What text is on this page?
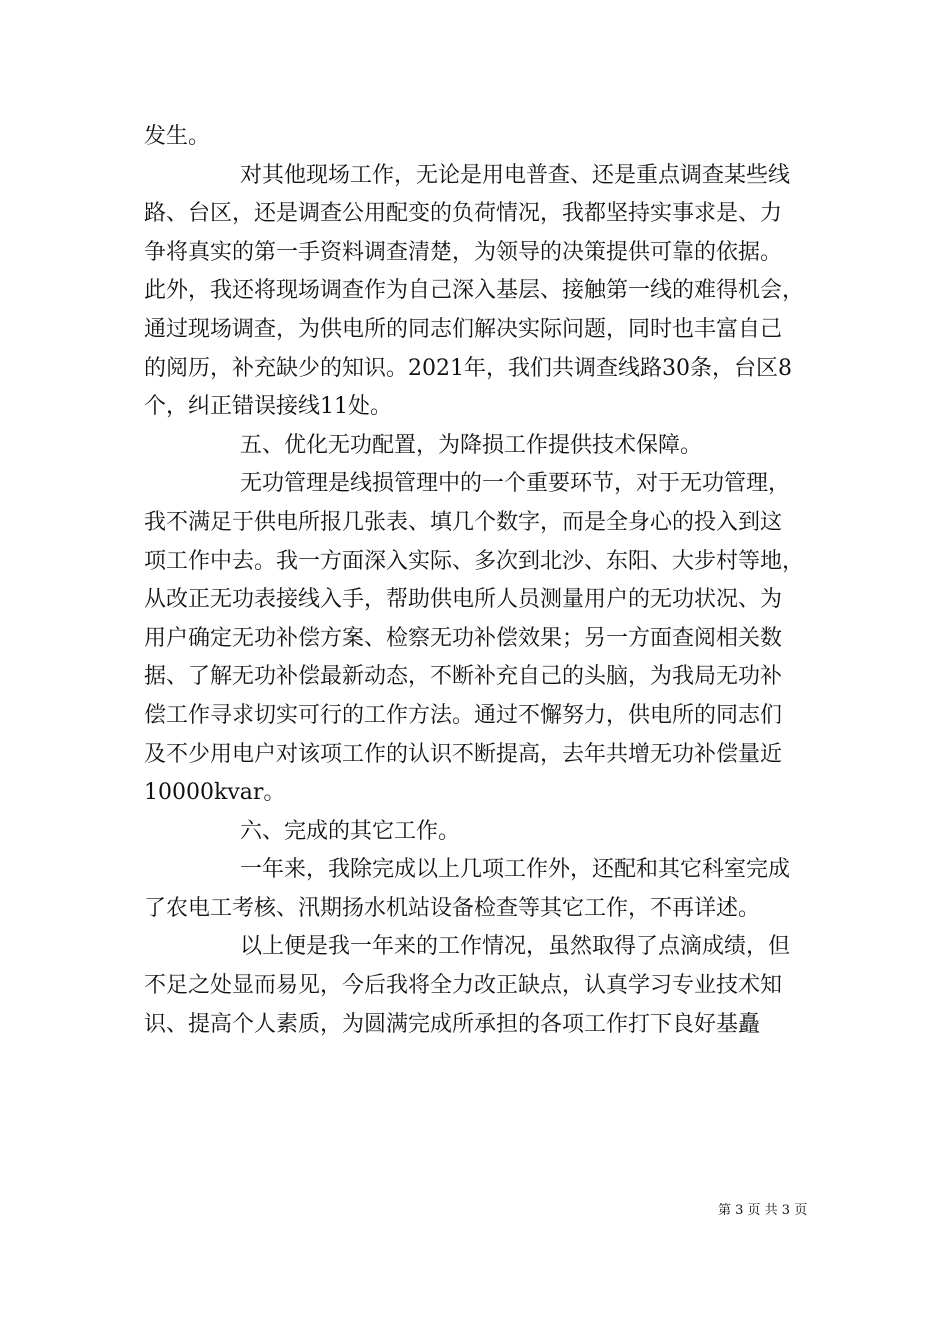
发生。
对其他现场工作，无论是用电普查、还是重点调查某些线
路、台区，还是调查公用配变的负荷情况，我都坚持实事求是、力
争将真实的第一手资料调查清楚，为领导的决策提供可靠的依据。
此外，我还将现场调查作为自己深入基层、接触第一线的难得机会，
通过现场调查，为供电所的同志们解决实际问题，同时也丰富自己
的阅历，补充缺少的知识。2021年，我们共调查线路30条，台区8
个，纠正错误接线11处。
五、优化无功配置，为降损工作提供技术保障。
无功管理是线损管理中的一个重要环节，对于无功管理，
我不满足于供电所报几张表、填几个数字，而是全身心的投入到这
项工作中去。我一方面深入实际、多次到北沙、东阳、大步村等地，
从改正无功表接线入手，帮助供电所人员测量用户的无功状况、为
用户确定无功补偿方案、检察无功补偿效果；另一方面查阅相关数
据、了解无功补偿最新动态，不断补充自己的头脑，为我局无功补
偿工作寻求切实可行的工作方法。通过不懈努力，供电所的同志们
及不少用电户对该项工作的认识不断提高，去年共增无功补偿量近
10000kvar。
六、完成的其它工作。
一年来，我除完成以上几项工作外，还配和其它科室完成
了农电工考核、汛期扬水机站设备检查等其它工作，不再详述。
以上便是我一年来的工作情况，虽然取得了点滴成绩，但
不足之处显而易见，今后我将全力改正缺点，认真学习专业技术知
识、提高个人素质，为圆满完成所承担的各项工作打下良好基矗
第 3 页 共 3 页
